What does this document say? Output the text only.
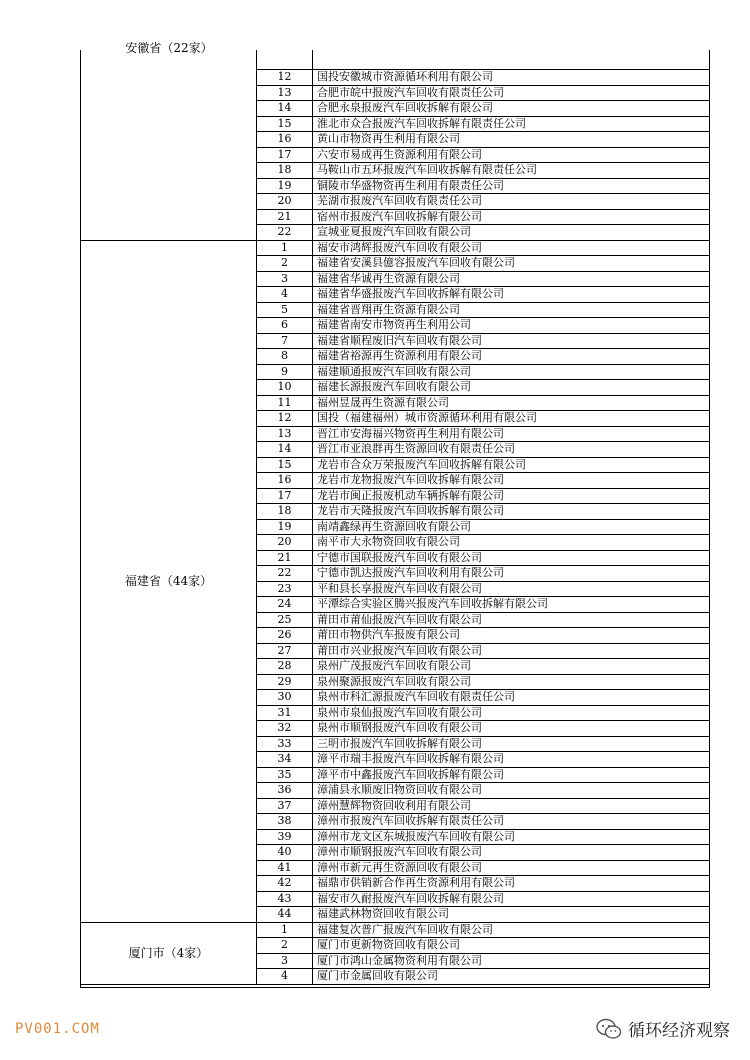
安徽省（22家）
	12	国投安徽城市资源循环利用有限公司
	13	合肥市皖中报废汽车回收有限责任公司
	14	合肥永泉报废汽车回收拆解有限公司
	15	淮北市众合报废汽车回收拆解有限责任公司
	16	黄山市物资再生利用有限公司
	17	六安市易成再生资源利用有限公司
	18	马鞍山市五环报废汽车回收拆解有限责任公司
	19	铜陵市华盛物资再生利用有限责任公司
	20	芜湖市报废汽车回收有限责任公司
	21	宿州市报废汽车回收拆解有限公司
	22	宣城亚夏报废汽车回收有限公司
福建省（44家）	1	福安市鸿辉报废汽车回收有限公司
	2	福建省安溪县億容报废汽车回收有限公司
	3	福建省华诚再生资源有限公司
	4	福建省华盛报废汽车回收拆解有限公司
	5	福建省晋翔再生资源有限公司
	6	福建省南安市物资再生利用公司
	7	福建省顺程废旧汽车回收有限公司
	8	福建省裕源再生资源利用有限公司
	9	福建顺通报废汽车回收有限公司
	10	福建长源报废汽车回收有限公司
	11	福州昱晟再生资源有限公司
	12	国投（福建福州）城市资源循环利用有限公司
	13	晋江市安海福兴物资再生利用有限公司
	14	晋江市亚浪群再生资源回收有限责任公司
	15	龙岩市合众万荣报废汽车回收拆解有限公司
	16	龙岩市龙物报废汽车回收拆解有限公司
	17	龙岩市闽正报废机动车辆拆解有限公司
	18	龙岩市天隆报废汽车回收拆解有限公司
	19	南靖鑫绿再生资源回收有限公司
	20	南平市大永物资回收有限公司
	21	宁德市国联报废汽车回收有限公司
	22	宁德市凯达报废汽车回收利用有限公司
	23	平和县长享报废汽车回收有限公司
	24	平潭综合实验区腾兴报废汽车回收拆解有限公司
	25	莆田市莆仙报废汽车回收有限公司
	26	莆田市物供汽车报废有限公司
	27	莆田市兴业报废汽车回收有限公司
	28	泉州广茂报废汽车回收有限公司
	29	泉州聚源报废汽车回收有限公司
	30	泉州市科汇源报废汽车回收有限责任公司
	31	泉州市泉仙报废汽车回收有限公司
	32	泉州市顺钢报废汽车回收有限公司
	33	三明市报废汽车回收拆解有限公司
	34	漳平市瑞丰报废汽车回收拆解有限公司
	35	漳平市中鑫报废汽车回收拆解有限公司
	36	漳浦县永顺废旧物资回收有限公司
	37	漳州慧辉物资回收利用有限公司
	38	漳州市报废汽车回收拆解有限责任公司
	39	漳州市龙文区东城报废汽车回收有限公司
	40	漳州市顺钢报废汽车回收有限公司
	41	漳州市新元再生资源回收有限公司
	42	福鼎市供销新合作再生资源利用有限公司
	43	福安市久耐报废汽车回收拆解有限公司
	44	福建武林物资回收有限公司
厦门市（4家）	1	福建复次普广报废汽车回收有限公司
	2	厦门市更新物资回收有限公司
	3	厦门市鸿山金属物资利用有限公司
	4	厦门市金属回收有限公司
PV001.COM	循环经济观察
